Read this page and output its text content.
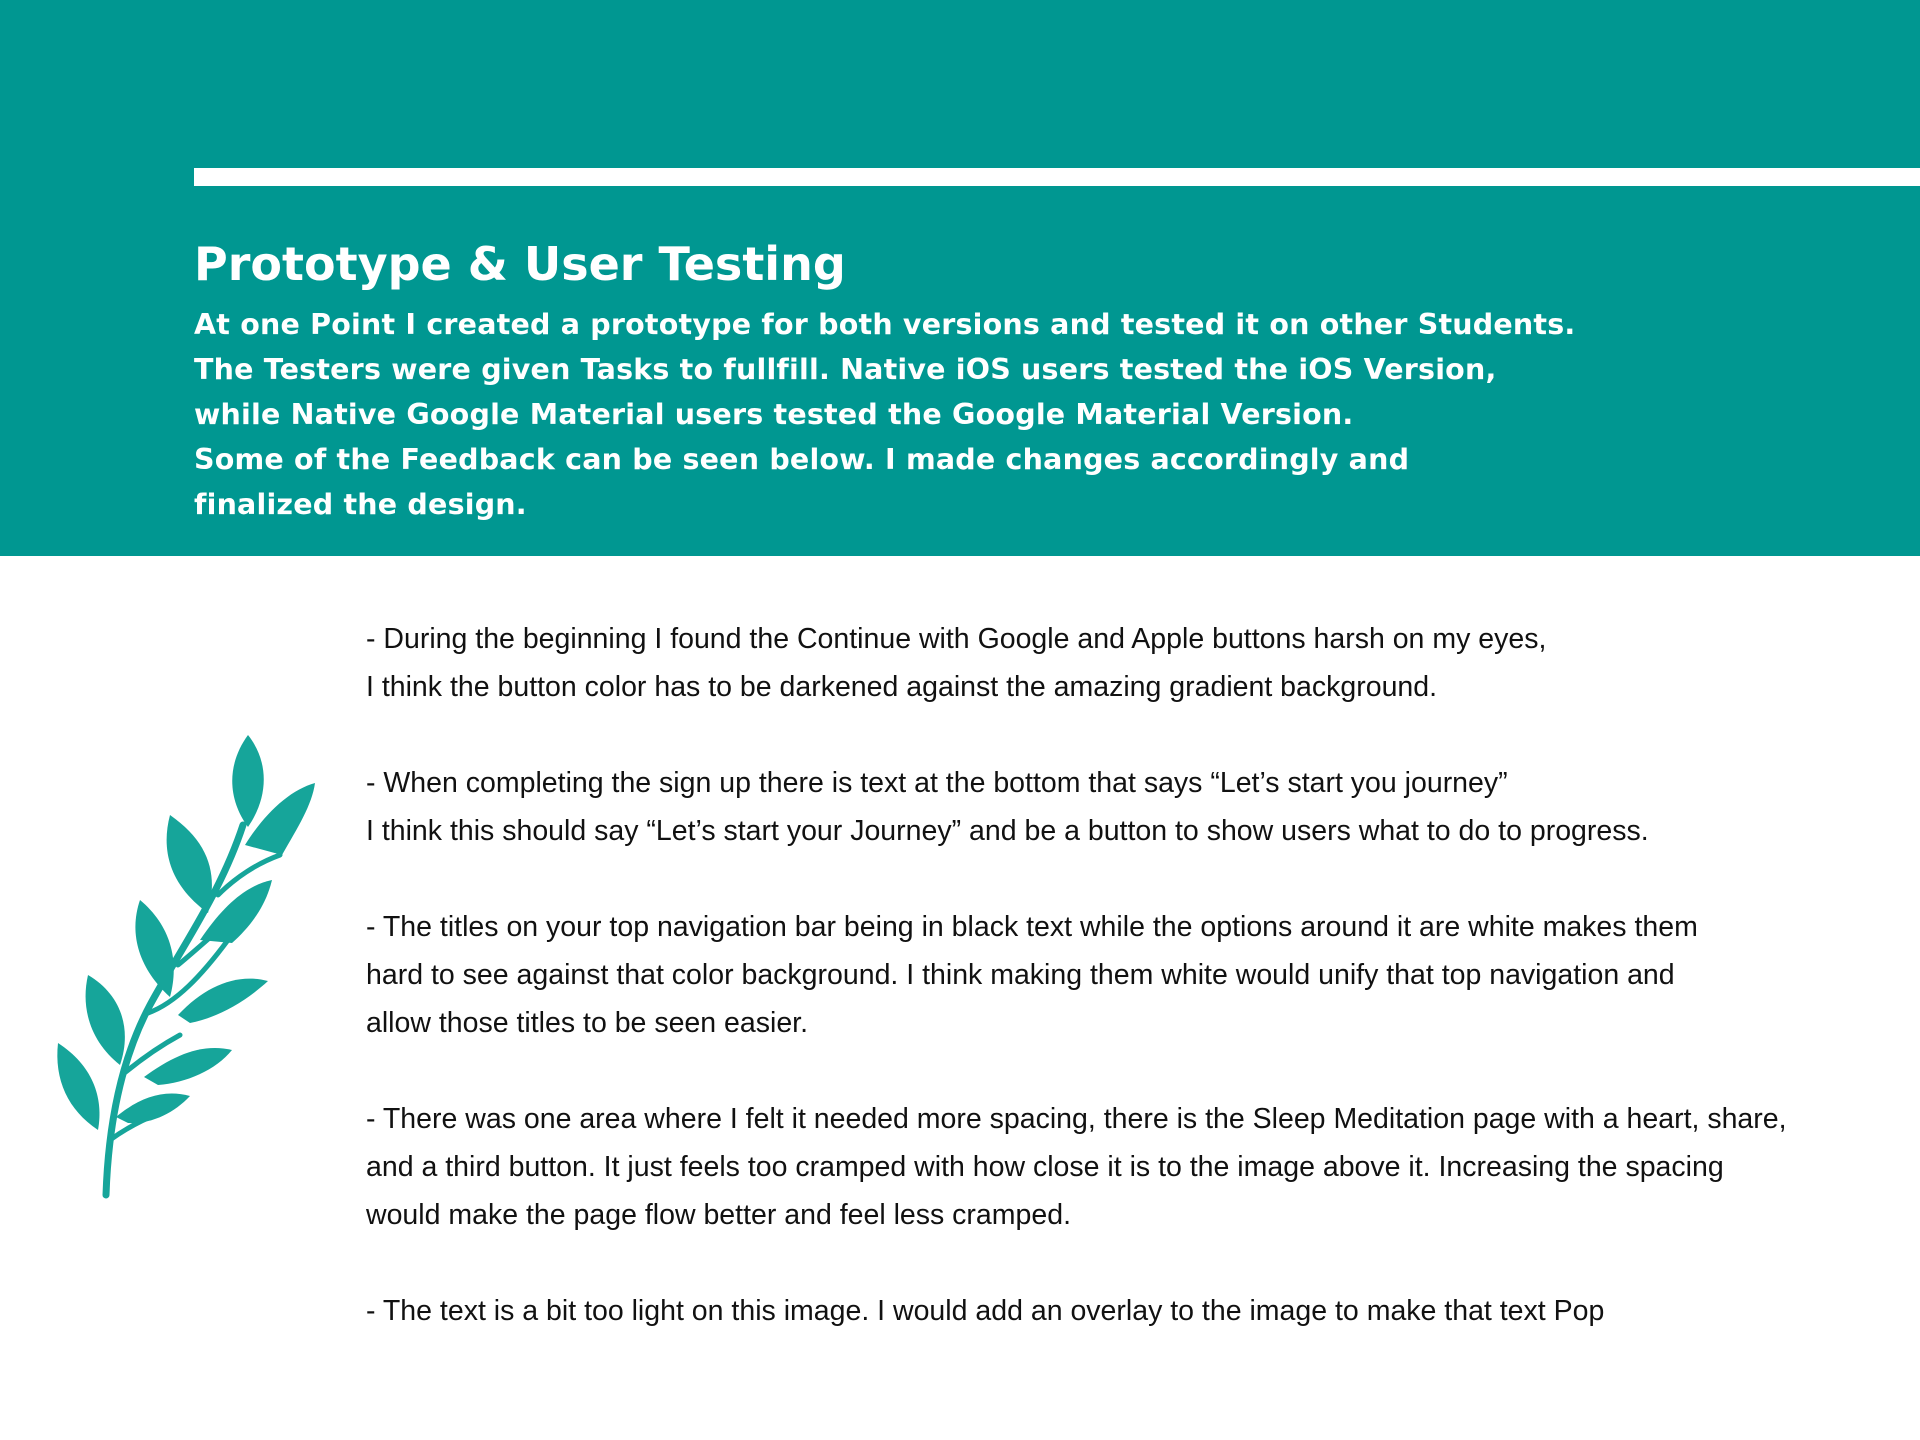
Prototype & User Testing
At one Point I created a prototype for both versions and tested it on other Students.
The Testers were given Tasks to fullfill. Native iOS users tested the iOS Version,
while Native Google Material users tested the Google Material Version.
Some of the Feedback can be seen below. I made changes accordingly and
finalized the design.
- During the beginning I found the Continue with Google and Apple buttons harsh on my eyes,
I think the button color has to be darkened against the amazing gradient background.
- When completing the sign up there is text at the bottom that says “Let’s start you journey”
I think this should say “Let’s start your Journey” and be a button to show users what to do to progress.
- The titles on your top navigation bar being in black text while the options around it are white makes them
hard to see against that color background. I think making them white would unify that top navigation and
allow those titles to be seen easier.
- There was one area where I felt it needed more spacing, there is the Sleep Meditation page with a heart, share,
and a third button. It just feels too cramped with how close it is to the image above it. Increasing the spacing
would make the page flow better and feel less cramped.
- The text is a bit too light on this image. I would add an overlay to the image to make that text Pop
